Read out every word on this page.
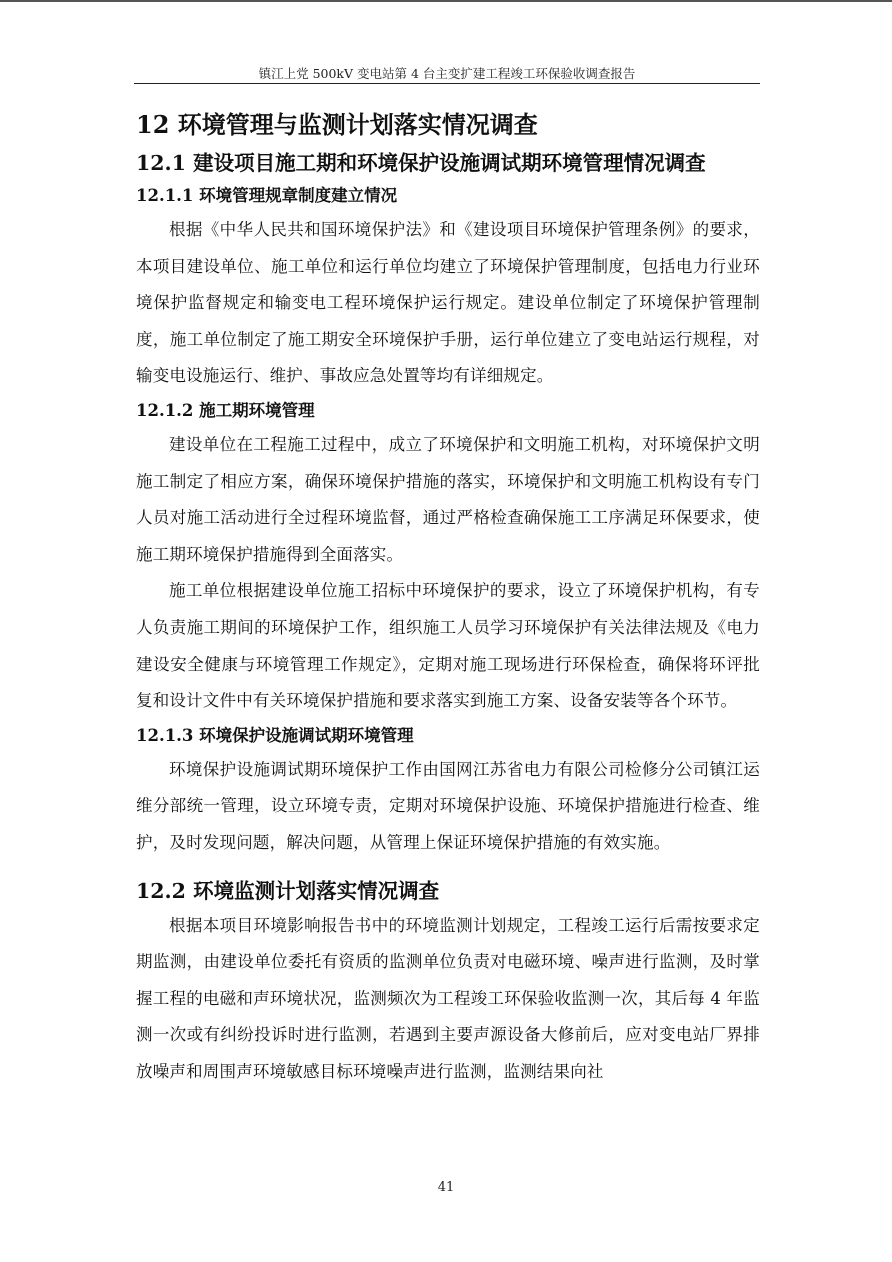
镇江上党 500kV 变电站第 4 台主变扩建工程竣工环保验收调查报告
12 环境管理与监测计划落实情况调查
12.1 建设项目施工期和环境保护设施调试期环境管理情况调查
12.1.1 环境管理规章制度建立情况

根据《中华人民共和国环境保护法》和《建设项目环境保护管理条例》的要求，本项目建设单位、施工单位和运行单位均建立了环境保护管理制度，包括电力行业环境保护监督规定和输变电工程环境保护运行规定。建设单位制定了环境保护管理制度，施工单位制定了施工期安全环境保护手册，运行单位建立了变电站运行规程，对输变电设施运行、维护、事故应急处置等均有详细规定。

12.1.2 施工期环境管理

建设单位在工程施工过程中，成立了环境保护和文明施工机构，对环境保护文明施工制定了相应方案，确保环境保护措施的落实，环境保护和文明施工机构设有专门人员对施工活动进行全过程环境监督，通过严格检查确保施工工序满足环保要求，使施工期环境保护措施得到全面落实。

施工单位根据建设单位施工招标中环境保护的要求，设立了环境保护机构，有专人负责施工期间的环境保护工作，组织施工人员学习环境保护有关法律法规及《电力建设安全健康与环境管理工作规定》，定期对施工现场进行环保检查，确保将环评批复和设计文件中有关环境保护措施和要求落实到施工方案、设备安装等各个环节。

12.1.3 环境保护设施调试期环境管理

环境保护设施调试期环境保护工作由国网江苏省电力有限公司检修分公司镇江运维分部统一管理，设立环境专责，定期对环境保护设施、环境保护措施进行检查、维护，及时发现问题，解决问题，从管理上保证环境保护措施的有效实施。

12.2 环境监测计划落实情况调查

根据本项目环境影响报告书中的环境监测计划规定，工程竣工运行后需按要求定期监测，由建设单位委托有资质的监测单位负责对电磁环境、噪声进行监测，及时掌握工程的电磁和声环境状况，监测频次为工程竣工环保验收监测一次，其后每 4 年监测一次或有纠纷投诉时进行监测，若遇到主要声源设备大修前后，应对变电站厂界排放噪声和周围声环境敏感目标环境噪声进行监测，监测结果向社

41
